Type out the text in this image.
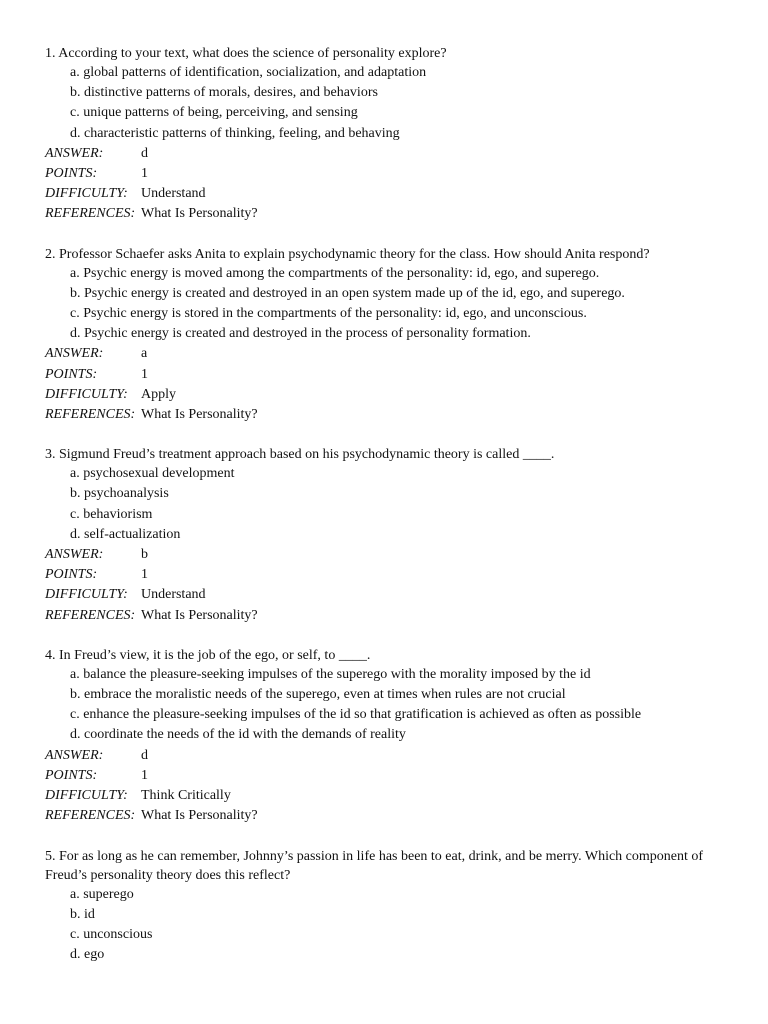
1. According to your text, what does the science of personality explore?

a. global patterns of identification, socialization, and adaptation
b. distinctive patterns of morals, desires, and behaviors
c. unique patterns of being, perceiving, and sensing
d. characteristic patterns of thinking, feeling, and behaving
ANSWER:	d
POINTS:	1
DIFFICULTY: Understand
REFERENCES: What Is Personality?

2. Professor Schaefer asks Anita to explain psychodynamic theory for the class. How should Anita respond?

a. Psychic energy is moved among the compartments of the personality: id, ego, and superego.
b. Psychic energy is created and destroyed in an open system made up of the id, ego, and superego.
c. Psychic energy is stored in the compartments of the personality: id, ego, and unconscious.
d. Psychic energy is created and destroyed in the process of personality formation.
ANSWER:	a
POINTS:	1
DIFFICULTY: Apply
REFERENCES: What Is Personality?

3. Sigmund Freud’s treatment approach based on his psychodynamic theory is called ____.

a. psychosexual development
b. psychoanalysis
c. behaviorism
d. self-actualization
ANSWER:	b
POINTS:	1
DIFFICULTY: Understand
REFERENCES: What Is Personality?

4. In Freud’s view, it is the job of the ego, or self, to ____.

a. balance the pleasure-seeking impulses of the superego with the morality imposed by the id
b. embrace the moralistic needs of the superego, even at times when rules are not crucial
c. enhance the pleasure-seeking impulses of the id so that gratification is achieved as often as possible
d. coordinate the needs of the id with the demands of reality
ANSWER:	d
POINTS:	1
DIFFICULTY: Think Critically
REFERENCES: What Is Personality?

5. For as long as he can remember, Johnny’s passion in life has been to eat, drink, and be merry. Which component of Freud’s personality theory does this reflect?

a. superego
b. id
c. unconscious
d. ego
